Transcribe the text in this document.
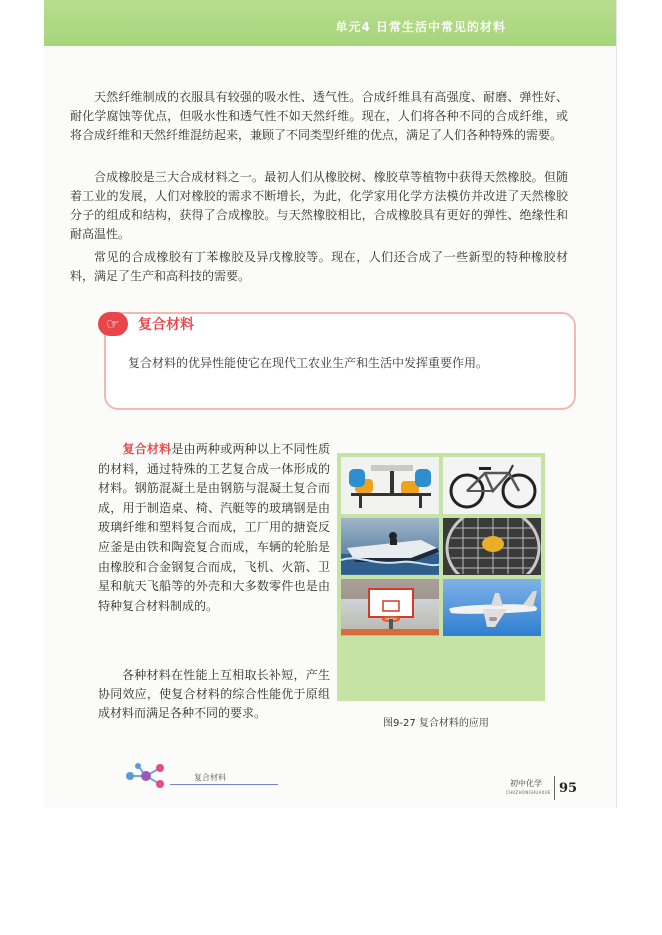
单元4 日常生活中常见的材料

天然纤维制成的衣服具有较强的吸水性、透气性。合成纤维具有高强度、耐磨、弹性好、耐化学腐蚀等优点，但吸水性和透气性不如天然纤维。现在，人们将各种不同的合成纤维，或将合成纤维和天然纤维混纺起来，兼顾了不同类型纤维的优点，满足了人们各种特殊的需要。

合成橡胶是三大合成材料之一。最初人们从橡胶树、橡胶草等植物中获得天然橡胶。但随着工业的发展，人们对橡胶的需求不断增长，为此，化学家用化学方法模仿并改进了天然橡胶分子的组成和结构，获得了合成橡胶。与天然橡胶相比，合成橡胶具有更好的弹性、绝缘性和耐高温性。

常见的合成橡胶有丁苯橡胶及异戊橡胶等。现在，人们还合成了一些新型的特种橡胶材料，满足了生产和高科技的需要。

☞	复合材料

复合材料的优异性能使它在现代工农业生产和生活中发挥重要作用。

　　复合材料是由两种或两种以上不同性质的材料，通过特殊的工艺复合成一体形成的材料。钢筋混凝土是由钢筋与混凝土复合而成，用于制造桌、椅、汽艇等的玻璃钢是由玻璃纤维和塑料复合而成，工厂用的搪瓷反应釜是由铁和陶瓷复合而成，车辆的轮胎是由橡胶和合金钢复合而成，飞机、火箭、卫星和航天飞船等的外壳和大多数零件也是由特种复合材料制成的。

各种材料在性能上互相取长补短，产生协同效应，使复合材料的综合性能优于原组成材料而满足各种不同的要求。

图9-27 复合材料的应用
复合材料
初中化学
CHUZHONGHUAXUE 95
